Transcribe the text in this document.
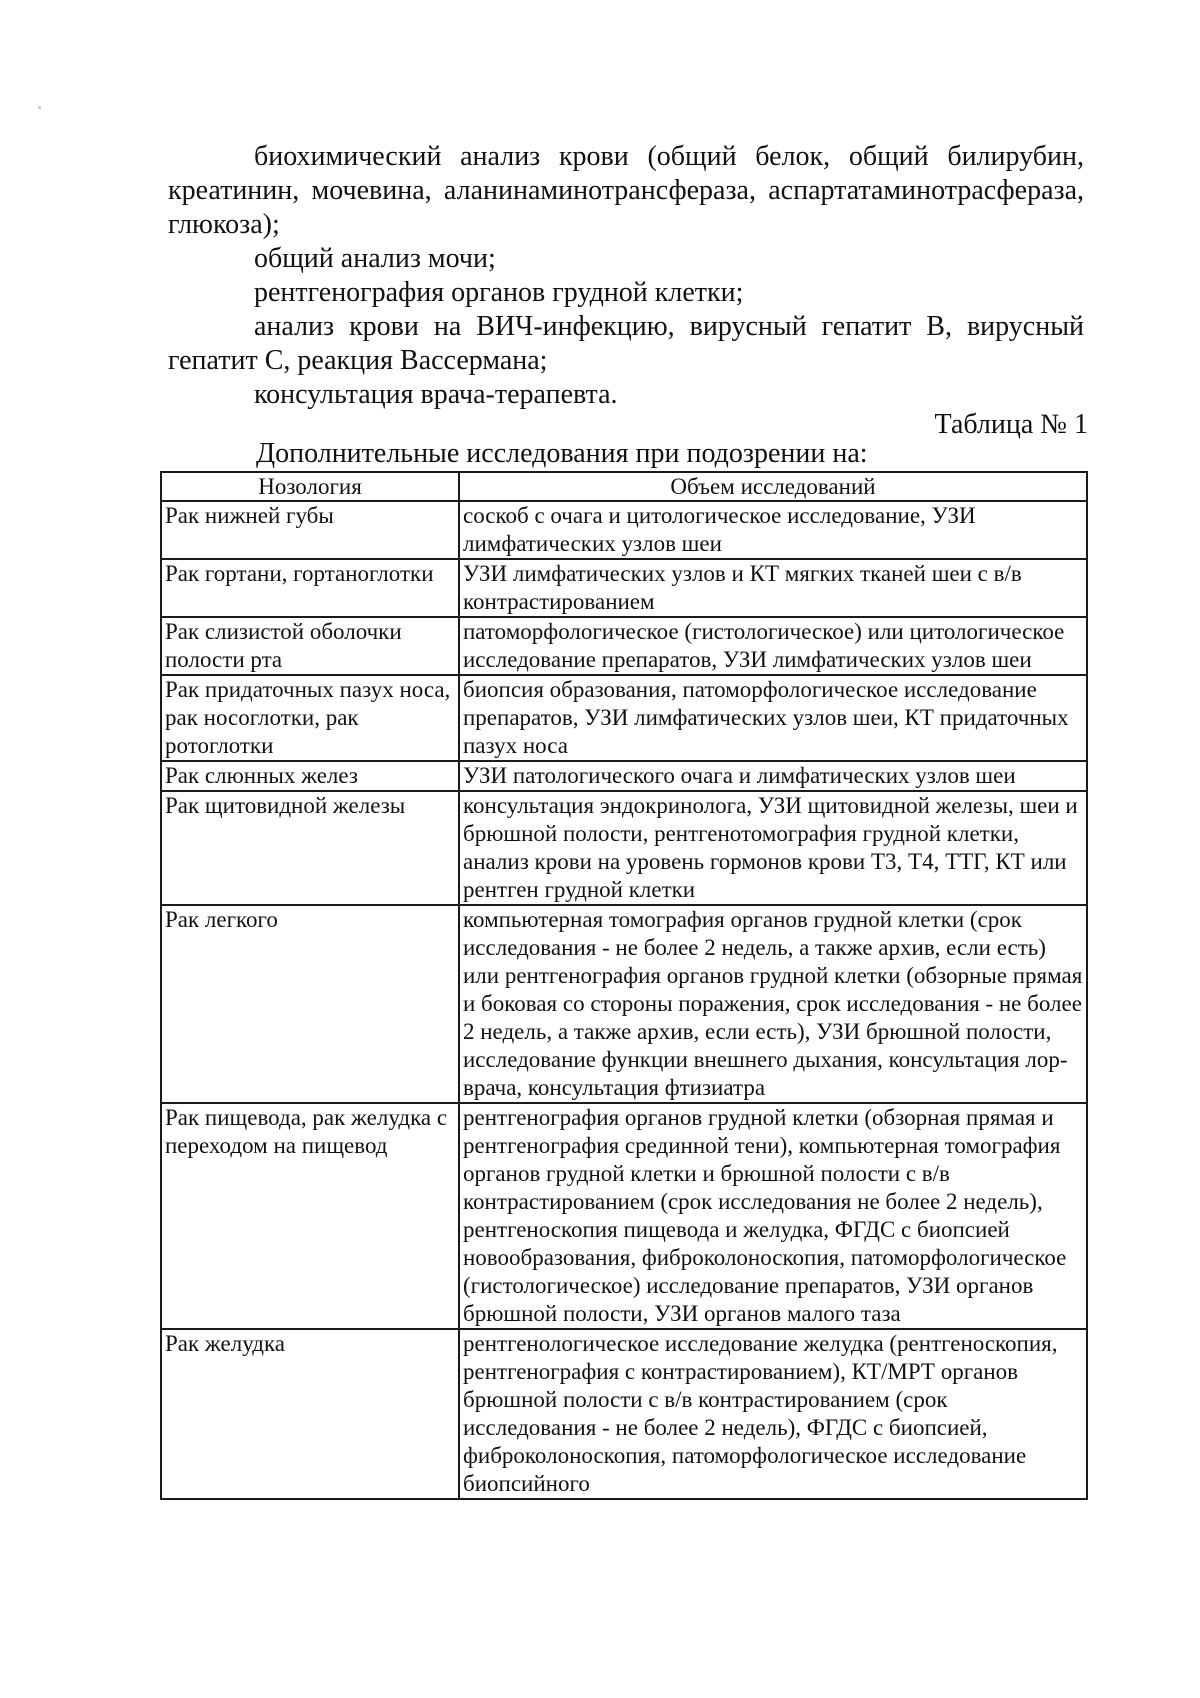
биохимический анализ крови (общий белок, общий билирубин, креатинин, мочевина, аланинаминотрансфераза, аспартатаминотрасфераза, глюкоза);

общий анализ мочи;

рентгенография органов грудной клетки;

анализ крови на ВИЧ-инфекцию, вирусный гепатит В, вирусный гепатит С, реакция Вассермана;

консультация врача-терапевта.

Таблица № 1
Дополнительные исследования при подозрении на:
Нозология	Объем исследований
Рак нижней губы	соскоб с очага и цитологическое исследование, УЗИ лимфатических узлов шеи
Рак гортани, гортаноглотки	УЗИ лимфатических узлов и КТ мягких тканей шеи с в/в контрастированием
Рак слизистой оболочки полости рта	патоморфологическое (гистологическое) или цитологическое исследование препаратов, УЗИ лимфатических узлов шеи
Рак придаточных пазух носа, рак носоглотки, рак ротоглотки	биопсия образования, патоморфологическое исследование препаратов, УЗИ лимфатических узлов шеи, КТ придаточных пазух носа
Рак слюнных желез	УЗИ патологического очага и лимфатических узлов шеи
Рак щитовидной железы	консультация эндокринолога, УЗИ щитовидной железы, шеи и брюшной полости, рентгенотомография грудной клетки, анализ крови на уровень гормонов крови Т3, Т4, ТТГ, КТ или рентген грудной клетки
Рак легкого	компьютерная томография органов грудной клетки (срок исследования - не более 2 недель, а также архив, если есть) или рентгенография органов грудной клетки (обзорные прямая и боковая со стороны поражения, срок исследования - не более 2 недель, а также архив, если есть), УЗИ брюшной полости, исследование функции внешнего дыхания, консультация лор-врача, консультация фтизиатра
Рак пищевода, рак желудка с переходом на пищевод	рентгенография органов грудной клетки (обзорная прямая и рентгенография срединной тени), компьютерная томография органов грудной клетки и брюшной полости с в/в контрастированием (срок исследования не более 2 недель), рентгеноскопия пищевода и желудка, ФГДС с биопсией новообразования, фиброколоноскопия, патоморфологическое (гистологическое) исследование препаратов, УЗИ органов брюшной полости, УЗИ органов малого таза
Рак желудка	рентгенологическое исследование желудка (рентгеноскопия, рентгенография с контрастированием), КТ/МРТ органов брюшной полости с в/в контрастированием (срок исследования - не более 2 недель), ФГДС с биопсией, фиброколоноскопия, патоморфологическое исследование биопсийного
